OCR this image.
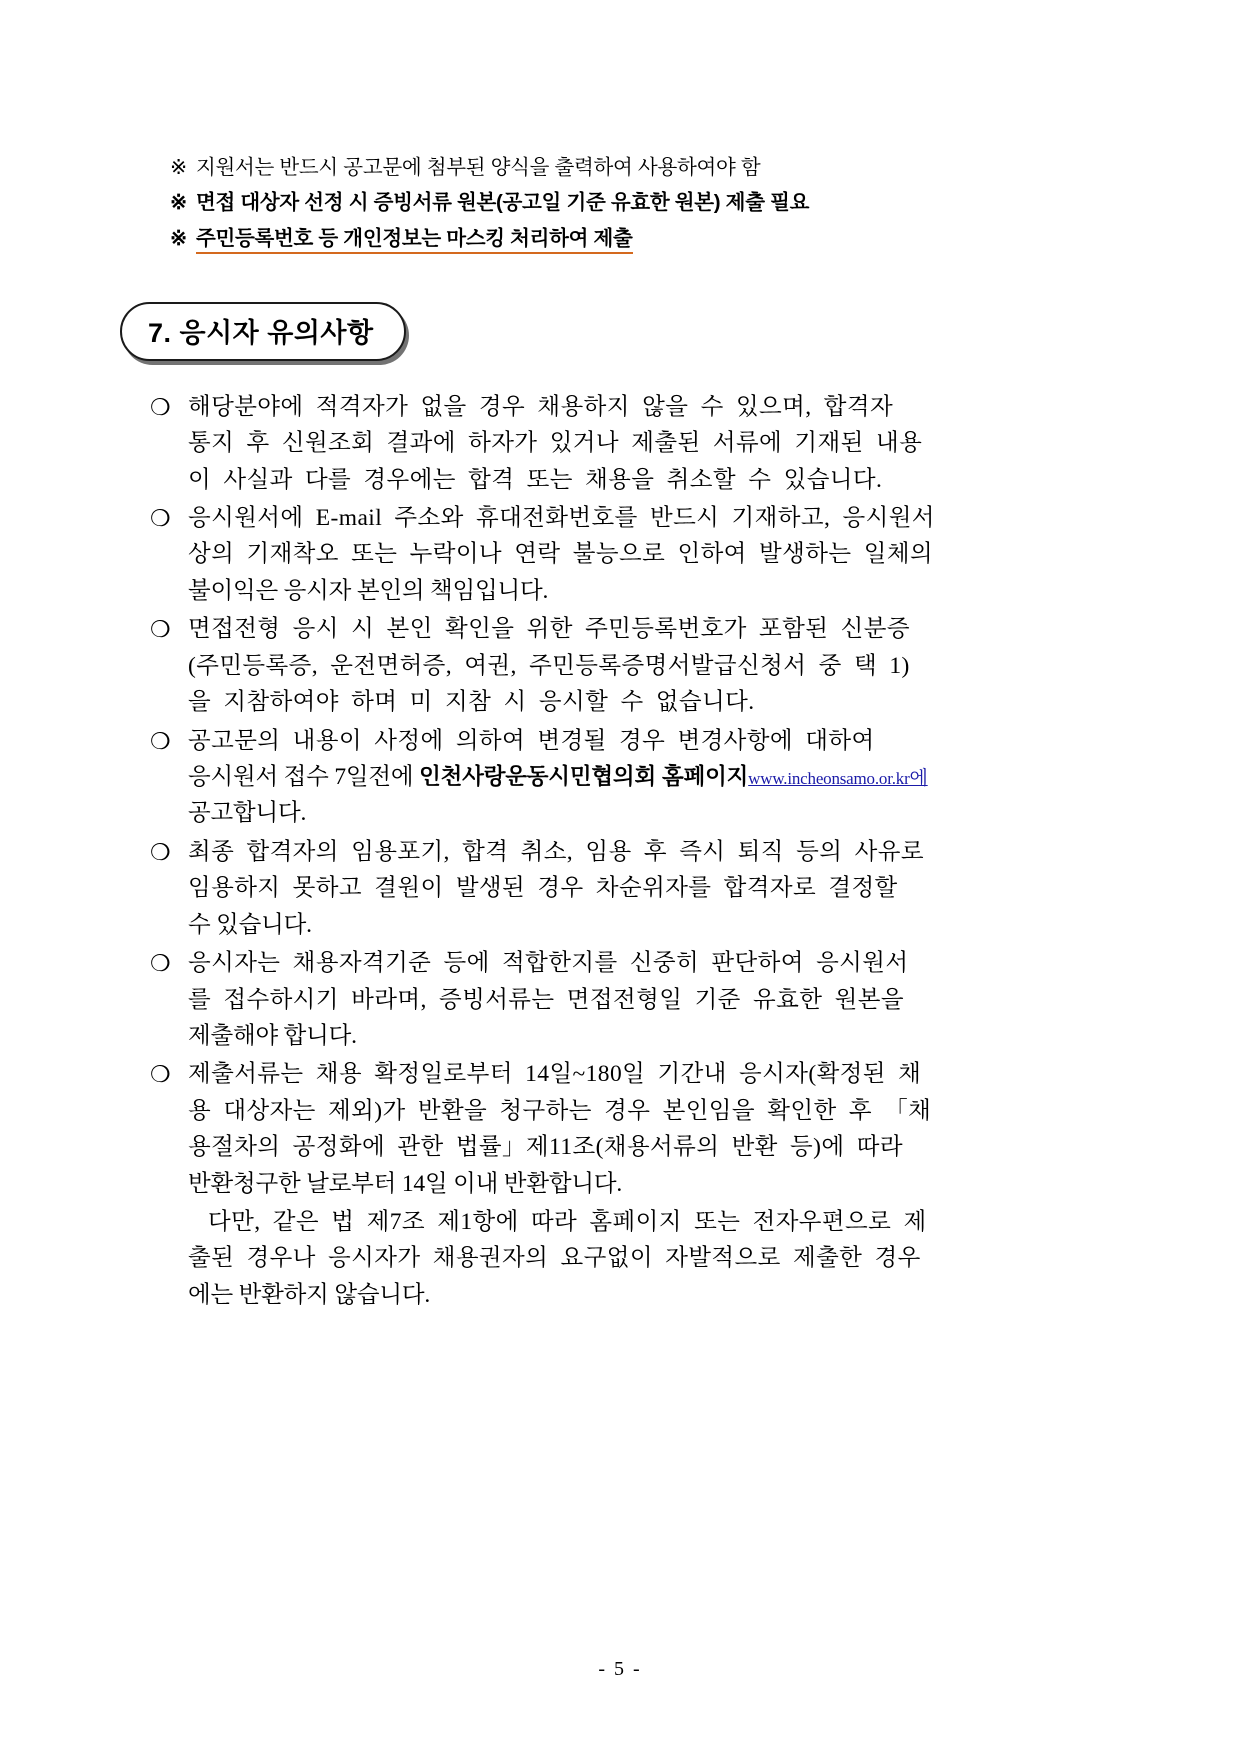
※ 지원서는 반드시 공고문에 첨부된 양식을 출력하여 사용하여야 함
※ 면접 대상자 선정 시 증빙서류 원본(공고일 기준 유효한 원본) 제출 필요
※ 주민등록번호 등 개인정보는 마스킹 처리하여 제출
7. 응시자 유의사항
❍ 해당분야에 적격자가 없을 경우 채용하지 않을 수 있으며, 합격자
통지 후 신원조회 결과에 하자가 있거나 제출된 서류에 기재된 내용
이 사실과 다를 경우에는 합격 또는 채용을 취소할 수 있습니다.
❍ 응시원서에 E-mail 주소와 휴대전화번호를 반드시 기재하고, 응시원서
상의 기재착오 또는 누락이나 연락 불능으로 인하여 발생하는 일체의
불이익은 응시자 본인의 책임입니다.
❍ 면접전형 응시 시 본인 확인을 위한 주민등록번호가 포함된 신분증
(주민등록증, 운전면허증, 여권, 주민등록증명서발급신청서 중 택 1)
을 지참하여야 하며 미 지참 시 응시할 수 없습니다.
❍ 공고문의 내용이 사정에 의하여 변경될 경우 변경사항에 대하여
응시원서 접수 7일전에 인천사랑운동시민협의회 홈페이지www.incheonsamo.or.kr에
공고합니다.
❍ 최종 합격자의 임용포기, 합격 취소, 임용 후 즉시 퇴직 등의 사유로
임용하지 못하고 결원이 발생된 경우 차순위자를 합격자로 결정할
수 있습니다.
❍ 응시자는 채용자격기준 등에 적합한지를 신중히 판단하여 응시원서
를 접수하시기 바라며, 증빙서류는 면접전형일 기준 유효한 원본을
제출해야 합니다.
❍ 제출서류는 채용 확정일로부터 14일~180일 기간내 응시자(확정된 채
용 대상자는 제외)가 반환을 청구하는 경우 본인임을 확인한 후 「채
용절차의 공정화에 관한 법률」제11조(채용서류의 반환 등)에 따라
반환청구한 날로부터 14일 이내 반환합니다.
다만, 같은 법 제7조 제1항에 따라 홈페이지 또는 전자우편으로 제
출된 경우나 응시자가 채용권자의 요구없이 자발적으로 제출한 경우
에는 반환하지 않습니다.
- 5 -
